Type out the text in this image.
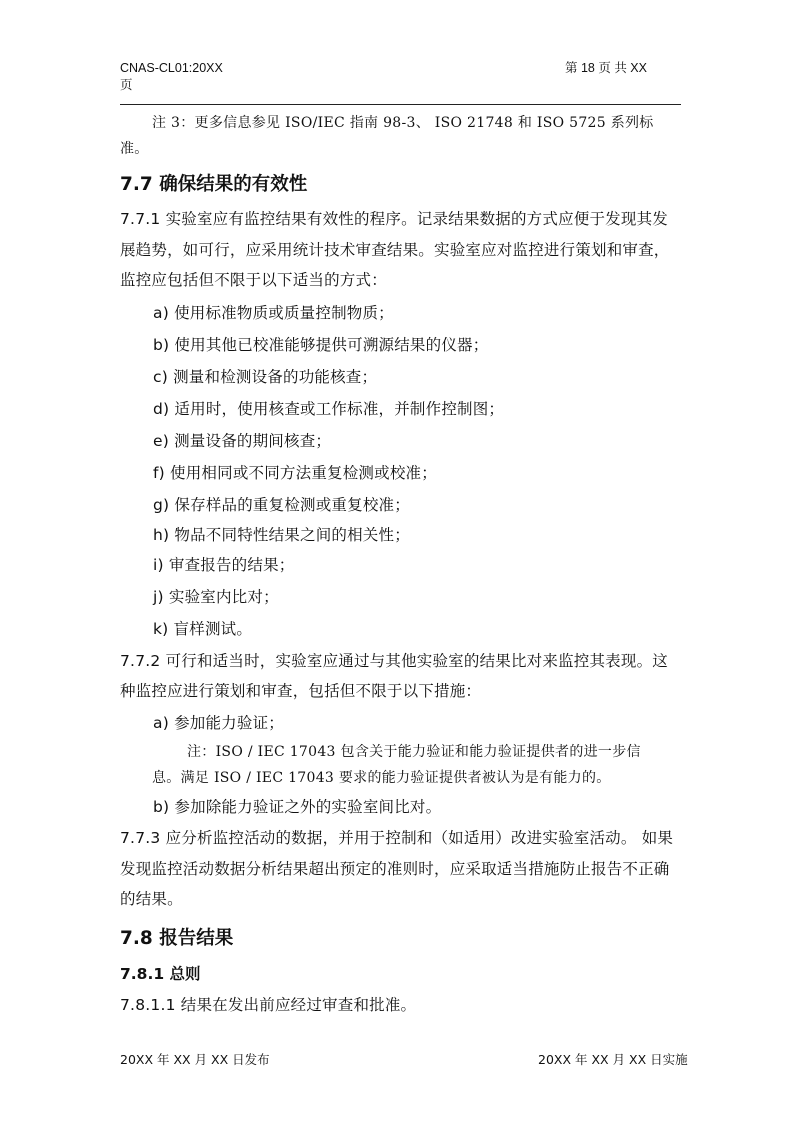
CNAS-CL01:20XX
页
第 18 页 共 XX
注 3：更多信息参见 ISO/IEC 指南 98-3、 ISO 21748 和 ISO 5725 系列标
准。
7.7 确保结果的有效性
7.7.1 实验室应有监控结果有效性的程序。记录结果数据的方式应便于发现其发
展趋势，如可行，应采用统计技术审查结果。实验室应对监控进行策划和审查，
监控应包括但不限于以下适当的方式：
a) 使用标准物质或质量控制物质；
b) 使用其他已校准能够提供可溯源结果的仪器；
c) 测量和检测设备的功能核查；
d) 适用时，使用核查或工作标准，并制作控制图；
e) 测量设备的期间核查；
f) 使用相同或不同方法重复检测或校准；
g) 保存样品的重复检测或重复校准；
h) 物品不同特性结果之间的相关性；
i) 审查报告的结果；
j) 实验室内比对；
k) 盲样测试。
7.7.2 可行和适当时，实验室应通过与其他实验室的结果比对来监控其表现。这
种监控应进行策划和审查，包括但不限于以下措施：
a) 参加能力验证；
注：ISO / IEC 17043 包含关于能力验证和能力验证提供者的进一步信
息。满足 ISO / IEC 17043 要求的能力验证提供者被认为是有能力的。
b) 参加除能力验证之外的实验室间比对。
7.7.3 应分析监控活动的数据，并用于控制和（如适用）改进实验室活动。 如果
发现监控活动数据分析结果超出预定的准则时，应采取适当措施防止报告不正确
的结果。
7.8 报告结果
7.8.1 总则
7.8.1.1 结果在发出前应经过审查和批准。
20XX 年 XX 月 XX 日发布	20XX 年 XX 月 XX 日实施
